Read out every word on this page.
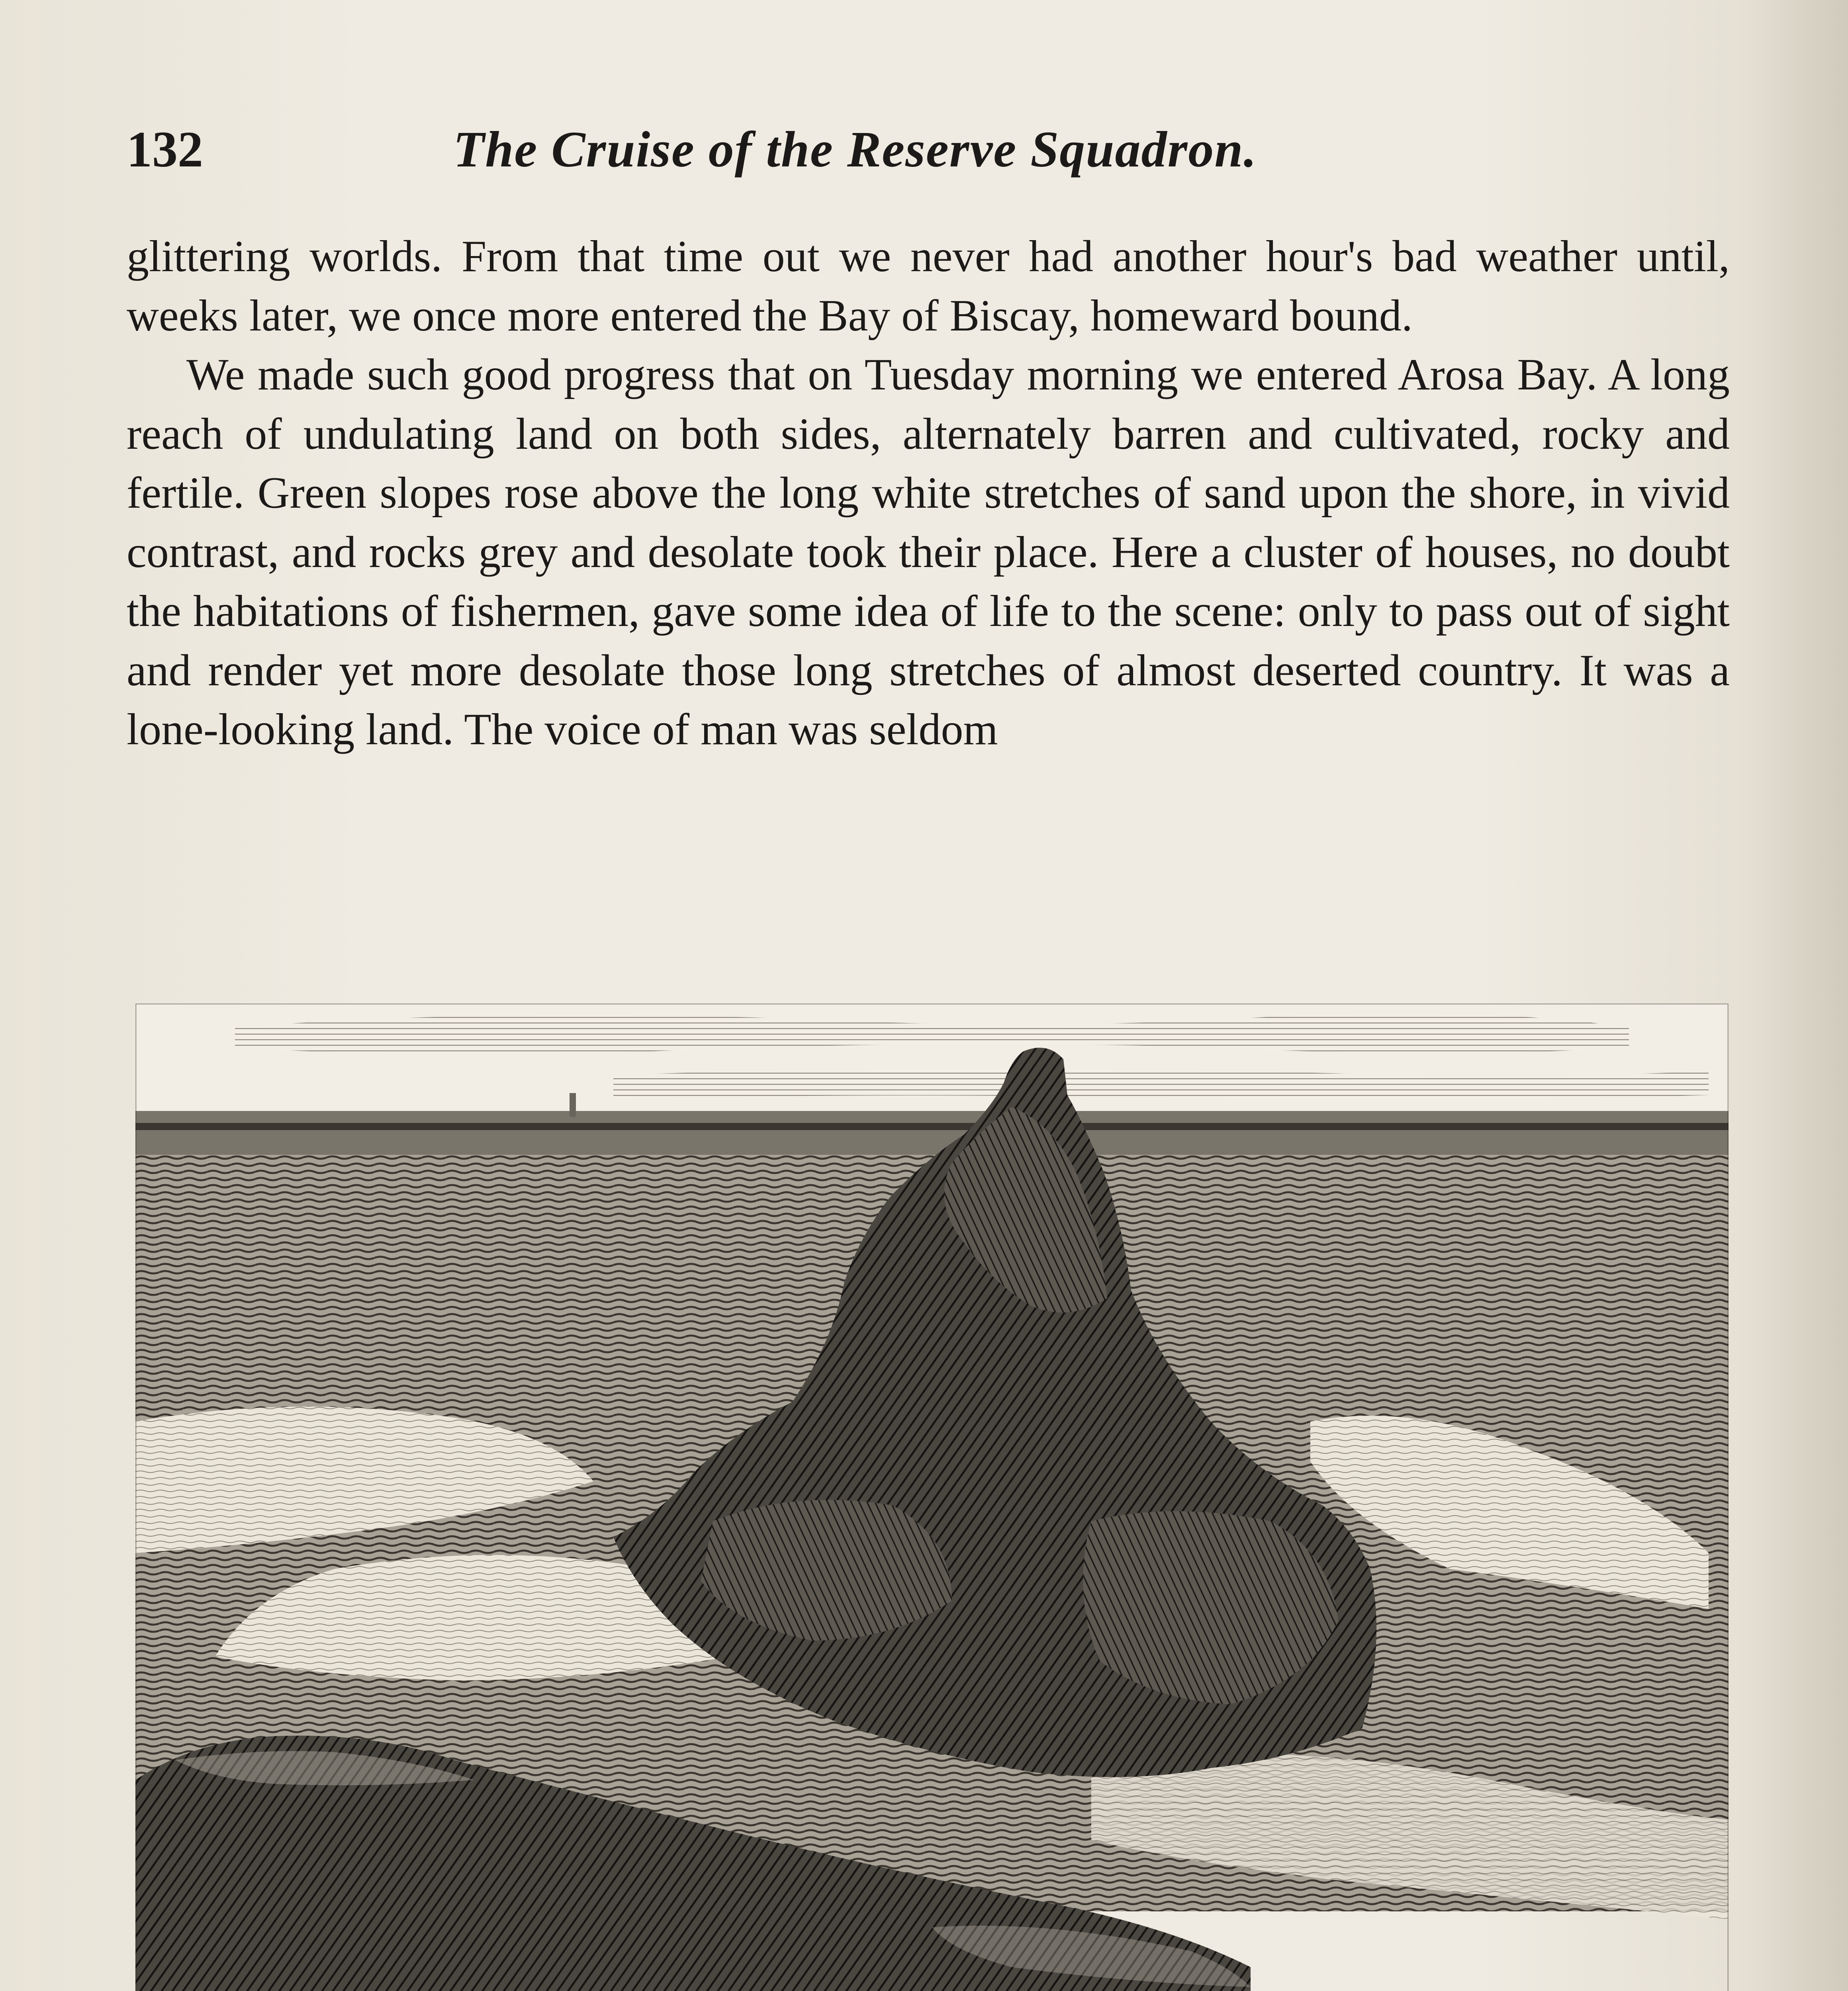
132	The Cruise of the Reserve Squadron.

glittering worlds. From that time out we never had another hour's bad weather until, weeks later, we once more entered the Bay of Biscay, homeward bound.

We made such good progress that on Tuesday morning we entered Arosa Bay. A long reach of undulating land on both sides, alternately barren and cultivated, rocky and fertile. Green slopes rose above the long white stretches of sand upon the shore, in vivid contrast, and rocks grey and desolate took their place. Here a cluster of houses, no doubt the habitations of fishermen, gave some idea of life to the scene: only to pass out of sight and render yet more desolate those long stretches of almost deserted country. It was a lone-looking land. The voice of man was seldom
